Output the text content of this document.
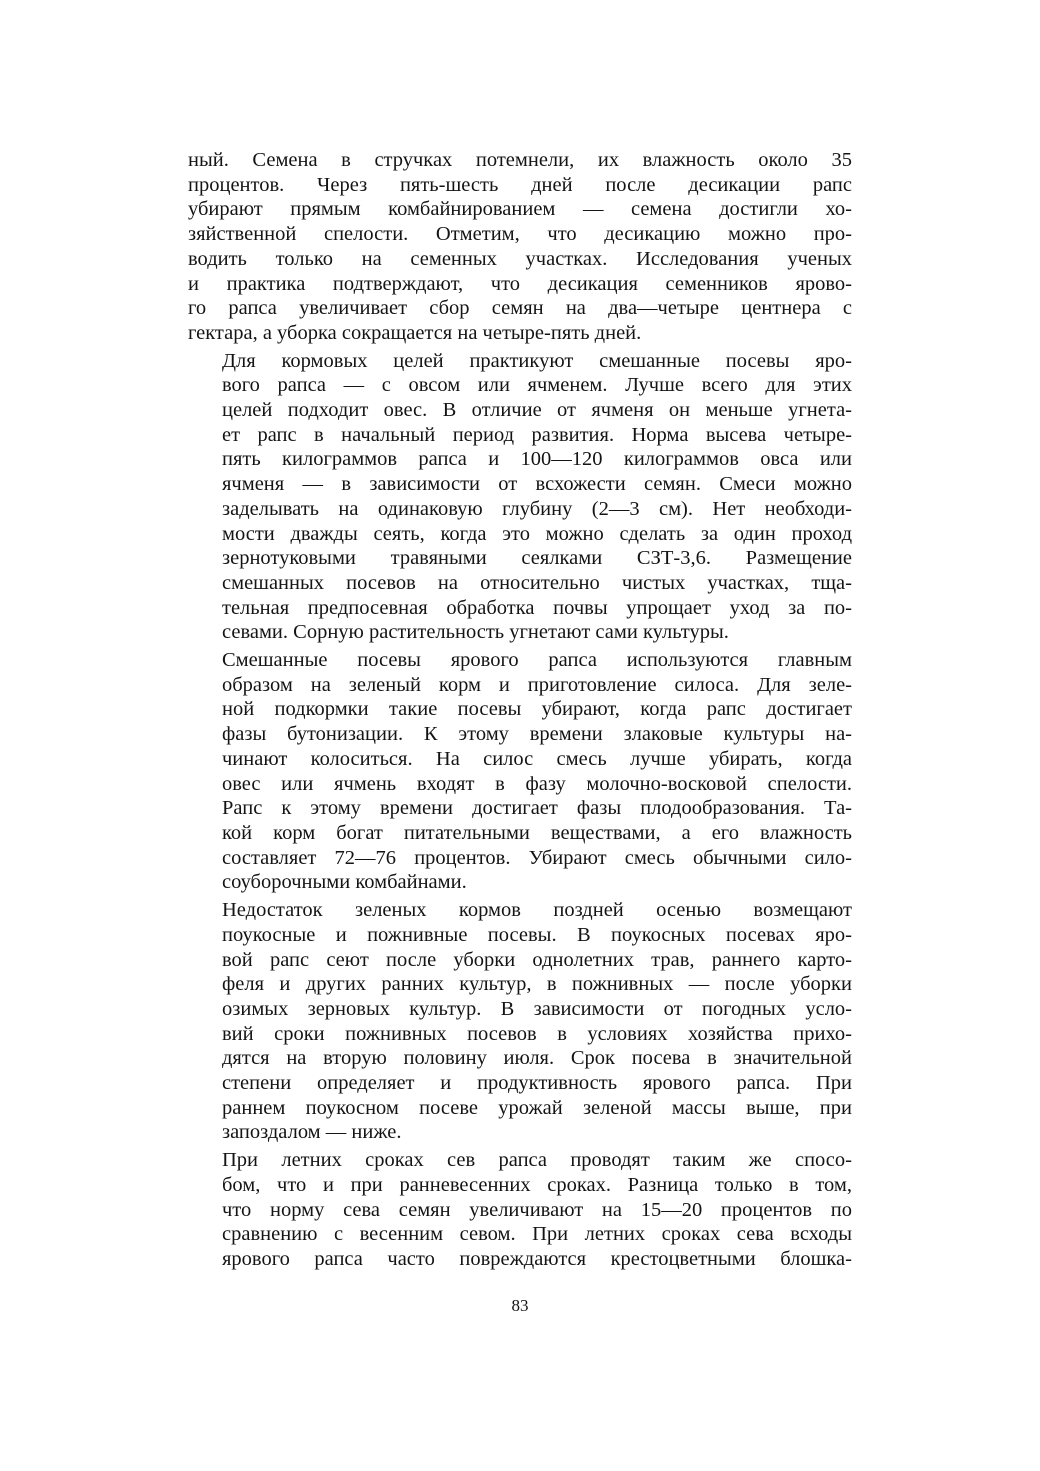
ный. Семена в стручках потемнели, их влажность около 35
процентов. Через пять-шесть дней после десикации рапс
убирают прямым комбайнированием — семена достигли хо-
зяйственной спелости. Отметим, что десикацию можно про-
водить только на семенных участках. Исследования ученых
и практика подтверждают, что десикация семенников ярово-
го рапса увеличивает сбор семян на два—четыре центнера с
гектара, а уборка сокращается на четыре-пять дней.

Для кормовых целей практикуют смешанные посевы яро-
вого рапса — с овсом или ячменем. Лучше всего для этих
целей подходит овес. В отличие от ячменя он меньше угнета-
ет рапс в начальный период развития. Норма высева четыре-
пять килограммов рапса и 100—120 килограммов овса или
ячменя — в зависимости от всхожести семян. Смеси можно
заделывать на одинаковую глубину (2—3 см). Нет необходи-
мости дважды сеять, когда это можно сделать за один проход
зернотуковыми травяными сеялками СЗТ-3,6. Размещение
смешанных посевов на относительно чистых участках, тща-
тельная предпосевная обработка почвы упрощает уход за по-
севами. Сорную растительность угнетают сами культуры.

Смешанные посевы ярового рапса используются главным
образом на зеленый корм и приготовление силоса. Для зеле-
ной подкормки такие посевы убирают, когда рапс достигает
фазы бутонизации. К этому времени злаковые культуры на-
чинают колоситься. На силос смесь лучше убирать, когда
овес или ячмень входят в фазу молочно-восковой спелости.
Рапс к этому времени достигает фазы плодообразования. Та-
кой корм богат питательными веществами, а его влажность
составляет 72—76 процентов. Убирают смесь обычными сило-
соуборочными комбайнами.

Недостаток зеленых кормов поздней осенью возмещают
поукосные и пожнивные посевы. В поукосных посевах яро-
вой рапс сеют после уборки однолетних трав, раннего карто-
феля и других ранних культур, в пожнивных — после уборки
озимых зерновых культур. В зависимости от погодных усло-
вий сроки пожнивных посевов в условиях хозяйства прихо-
дятся на вторую половину июля. Срок посева в значительной
степени определяет и продуктивность ярового рапса. При
раннем поукосном посеве урожай зеленой массы выше, при
запоздалом — ниже.

При летних сроках сев рапса проводят таким же спосо-
бом, что и при ранневесенних сроках. Разница только в том,
что норму сева семян увеличивают на 15—20 процентов по
сравнению с весенним севом. При летних сроках сева всходы
ярового рапса часто повреждаются крестоцветными блошка-

83
